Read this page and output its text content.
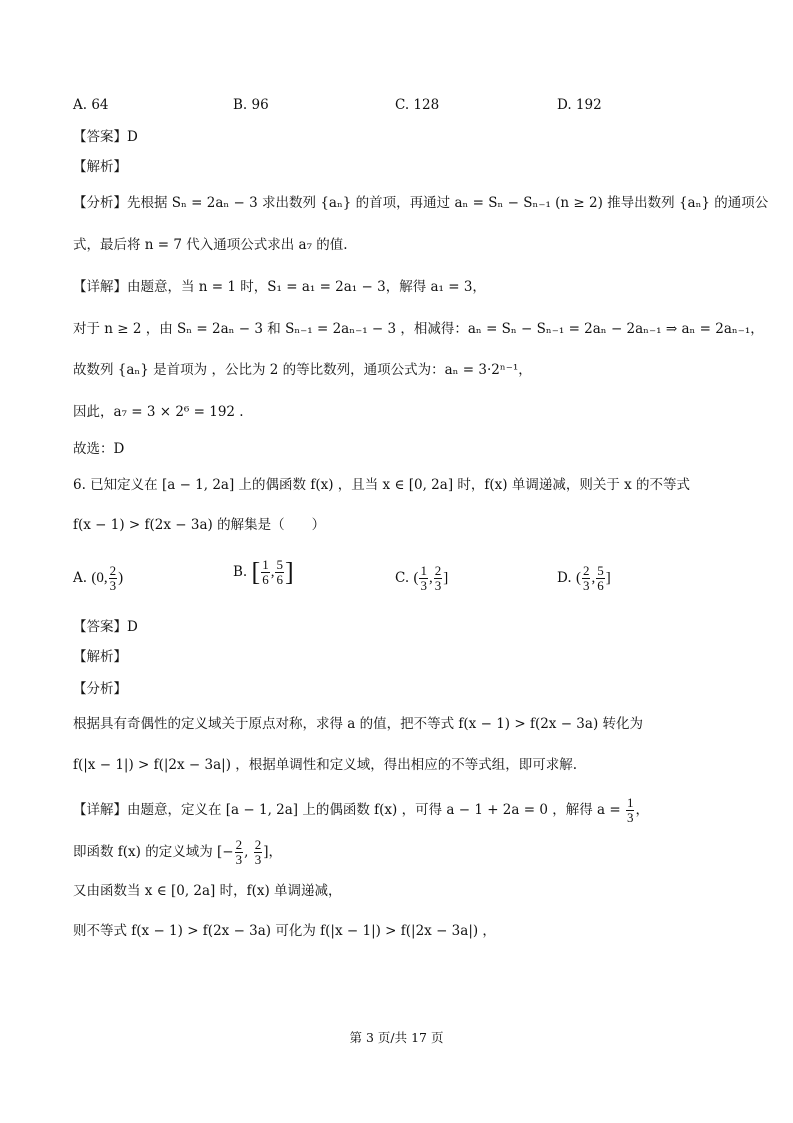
A. 64	B. 96	C. 128	D. 192
【答案】D
【解析】
【分析】先根据 Sₙ = 2aₙ − 3 求出数列 {aₙ} 的首项，再通过 aₙ = Sₙ − Sₙ₋₁ (n ≥ 2) 推导出数列 {aₙ} 的通项公
式，最后将 n = 7 代入通项公式求出 a₇ 的值.
【详解】由题意，当 n = 1 时，S₁ = a₁ = 2a₁ − 3，解得 a₁ = 3，
对于 n ≥ 2 ，由 Sₙ = 2aₙ − 3 和 Sₙ₋₁ = 2aₙ₋₁ − 3 ，相减得：aₙ = Sₙ − Sₙ₋₁ = 2aₙ − 2aₙ₋₁ ⇒ aₙ = 2aₙ₋₁，
故数列 {aₙ} 是首项为 ，公比为 2 的等比数列，通项公式为：aₙ = 3·2ⁿ⁻¹，
因此，a₇ = 3 × 2⁶ = 192 .
故选：D
6. 已知定义在 [a − 1, 2a] 上的偶函数 f(x) ，且当 x ∈ [0, 2a] 时，f(x) 单调递减，则关于 x 的不等式
f(x − 1) > f(2x − 3a) 的解集是（　　）
A. (0, $\frac{2}{3}$ )	B. [ $\frac{1}{6}$ , $\frac{5}{6}$ ]	C. ( $\frac{1}{3}$ , $\frac{2}{3}$ ]	D. ( $\frac{2}{3}$ , $\frac{5}{6}$ ]
【答案】D
【解析】
【分析】
根据具有奇偶性的定义域关于原点对称，求得 a 的值，把不等式 f(x − 1) > f(2x − 3a) 转化为
f(|x − 1|) > f(|2x − 3a|) ，根据单调性和定义域，得出相应的不等式组，即可求解.
【详解】由题意，定义在 [a − 1, 2a] 上的偶函数 f(x) ，可得 a − 1 + 2a = 0 ，解得 $a = \frac{1}{3}$ ，
即函数 f(x) 的定义域为 [− $\frac{2}{3}$ , $\frac{2}{3}$ ]，
又由函数当 x ∈ [0, 2a] 时，f(x) 单调递减，
则不等式 f(x − 1) > f(2x − 3a) 可化为 f(|x − 1|) > f(|2x − 3a|) ，
第 3 页/共 17 页
